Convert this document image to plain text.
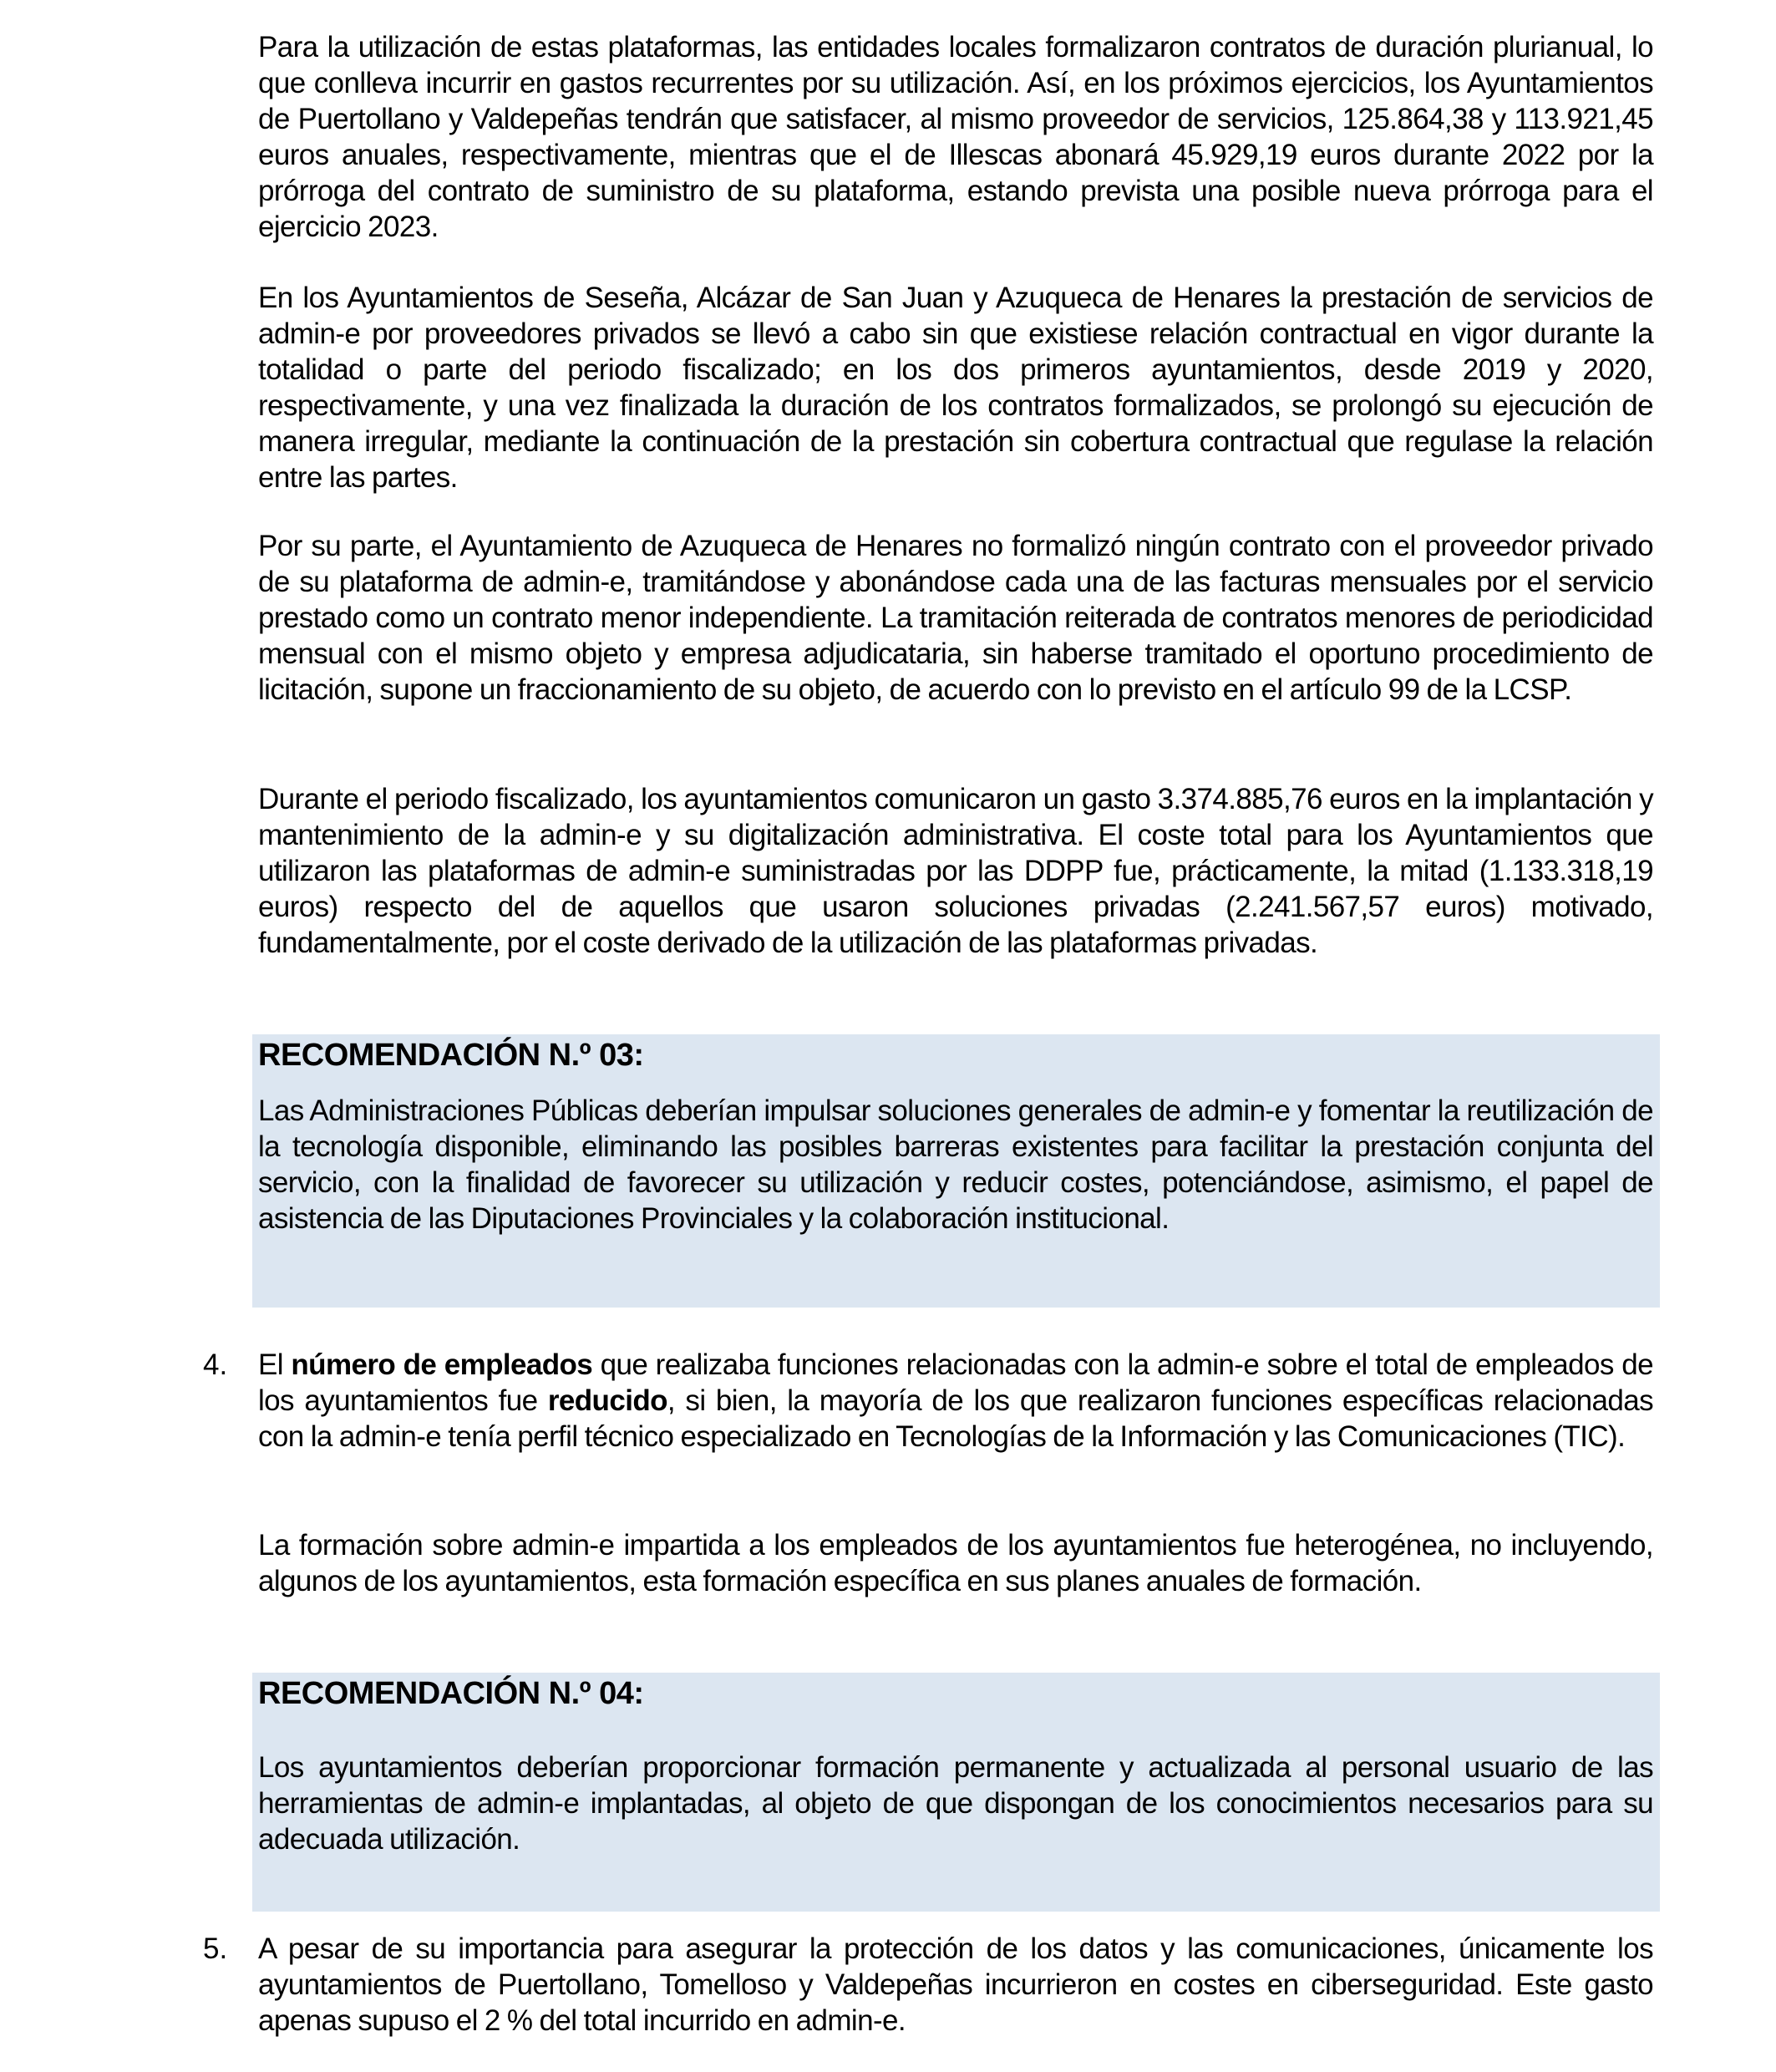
Para la utilización de estas plataformas, las entidades locales formalizaron contratos de duración plurianual, lo que conlleva incurrir en gastos recurrentes por su utilización. Así, en los próximos ejercicios, los Ayuntamientos de Puertollano y Valdepeñas tendrán que satisfacer, al mismo proveedor de servicios, 125.864,38 y 113.921,45 euros anuales, respectivamente, mientras que el de Illescas abonará 45.929,19 euros durante 2022 por la prórroga del contrato de suministro de su plataforma, estando prevista una posible nueva prórroga para el ejercicio 2023.

En los Ayuntamientos de Seseña, Alcázar de San Juan y Azuqueca de Henares la prestación de servicios de admin-e por proveedores privados se llevó a cabo sin que existiese relación contractual en vigor durante la totalidad o parte del periodo fiscalizado; en los dos primeros ayuntamientos, desde 2019 y 2020, respectivamente, y una vez finalizada la duración de los contratos formalizados, se prolongó su ejecución de manera irregular, mediante la continuación de la prestación sin cobertura contractual que regulase la relación entre las partes.

Por su parte, el Ayuntamiento de Azuqueca de Henares no formalizó ningún contrato con el proveedor privado de su plataforma de admin-e, tramitándose y abonándose cada una de las facturas mensuales por el servicio prestado como un contrato menor independiente. La tramitación reiterada de contratos menores de periodicidad mensual con el mismo objeto y empresa adjudicataria, sin haberse tramitado el oportuno procedimiento de licitación, supone un fraccionamiento de su objeto, de acuerdo con lo previsto en el artículo 99 de la LCSP.

Durante el periodo fiscalizado, los ayuntamientos comunicaron un gasto 3.374.885,76 euros en la implantación y mantenimiento de la admin-e y su digitalización administrativa. El coste total para los Ayuntamientos que utilizaron las plataformas de admin-e suministradas por las DDPP fue, prácticamente, la mitad (1.133.318,19 euros) respecto del de aquellos que usaron soluciones privadas (2.241.567,57 euros) motivado, fundamentalmente, por el coste derivado de la utilización de las plataformas privadas.

RECOMENDACIÓN N.º 03:
Las Administraciones Públicas deberían impulsar soluciones generales de admin-e y fomentar la reutilización de la tecnología disponible, eliminando las posibles barreras existentes para facilitar la prestación conjunta del servicio, con la finalidad de favorecer su utilización y reducir costes, potenciándose, asimismo, el papel de asistencia de las Diputaciones Provinciales y la colaboración institucional.
4. El número de empleados que realizaba funciones relacionadas con la admin-e sobre el total de empleados de los ayuntamientos fue reducido, si bien, la mayoría de los que realizaron funciones específicas relacionadas con la admin-e tenía perfil técnico especializado en Tecnologías de la Información y las Comunicaciones (TIC).

La formación sobre admin-e impartida a los empleados de los ayuntamientos fue heterogénea, no incluyendo, algunos de los ayuntamientos, esta formación específica en sus planes anuales de formación.

RECOMENDACIÓN N.º 04:
Los ayuntamientos deberían proporcionar formación permanente y actualizada al personal usuario de las herramientas de admin-e implantadas, al objeto de que dispongan de los conocimientos necesarios para su adecuada utilización.
5. A pesar de su importancia para asegurar la protección de los datos y las comunicaciones, únicamente los ayuntamientos de Puertollano, Tomelloso y Valdepeñas incurrieron en costes en ciberseguridad. Este gasto apenas supuso el 2 % del total incurrido en admin-e.
